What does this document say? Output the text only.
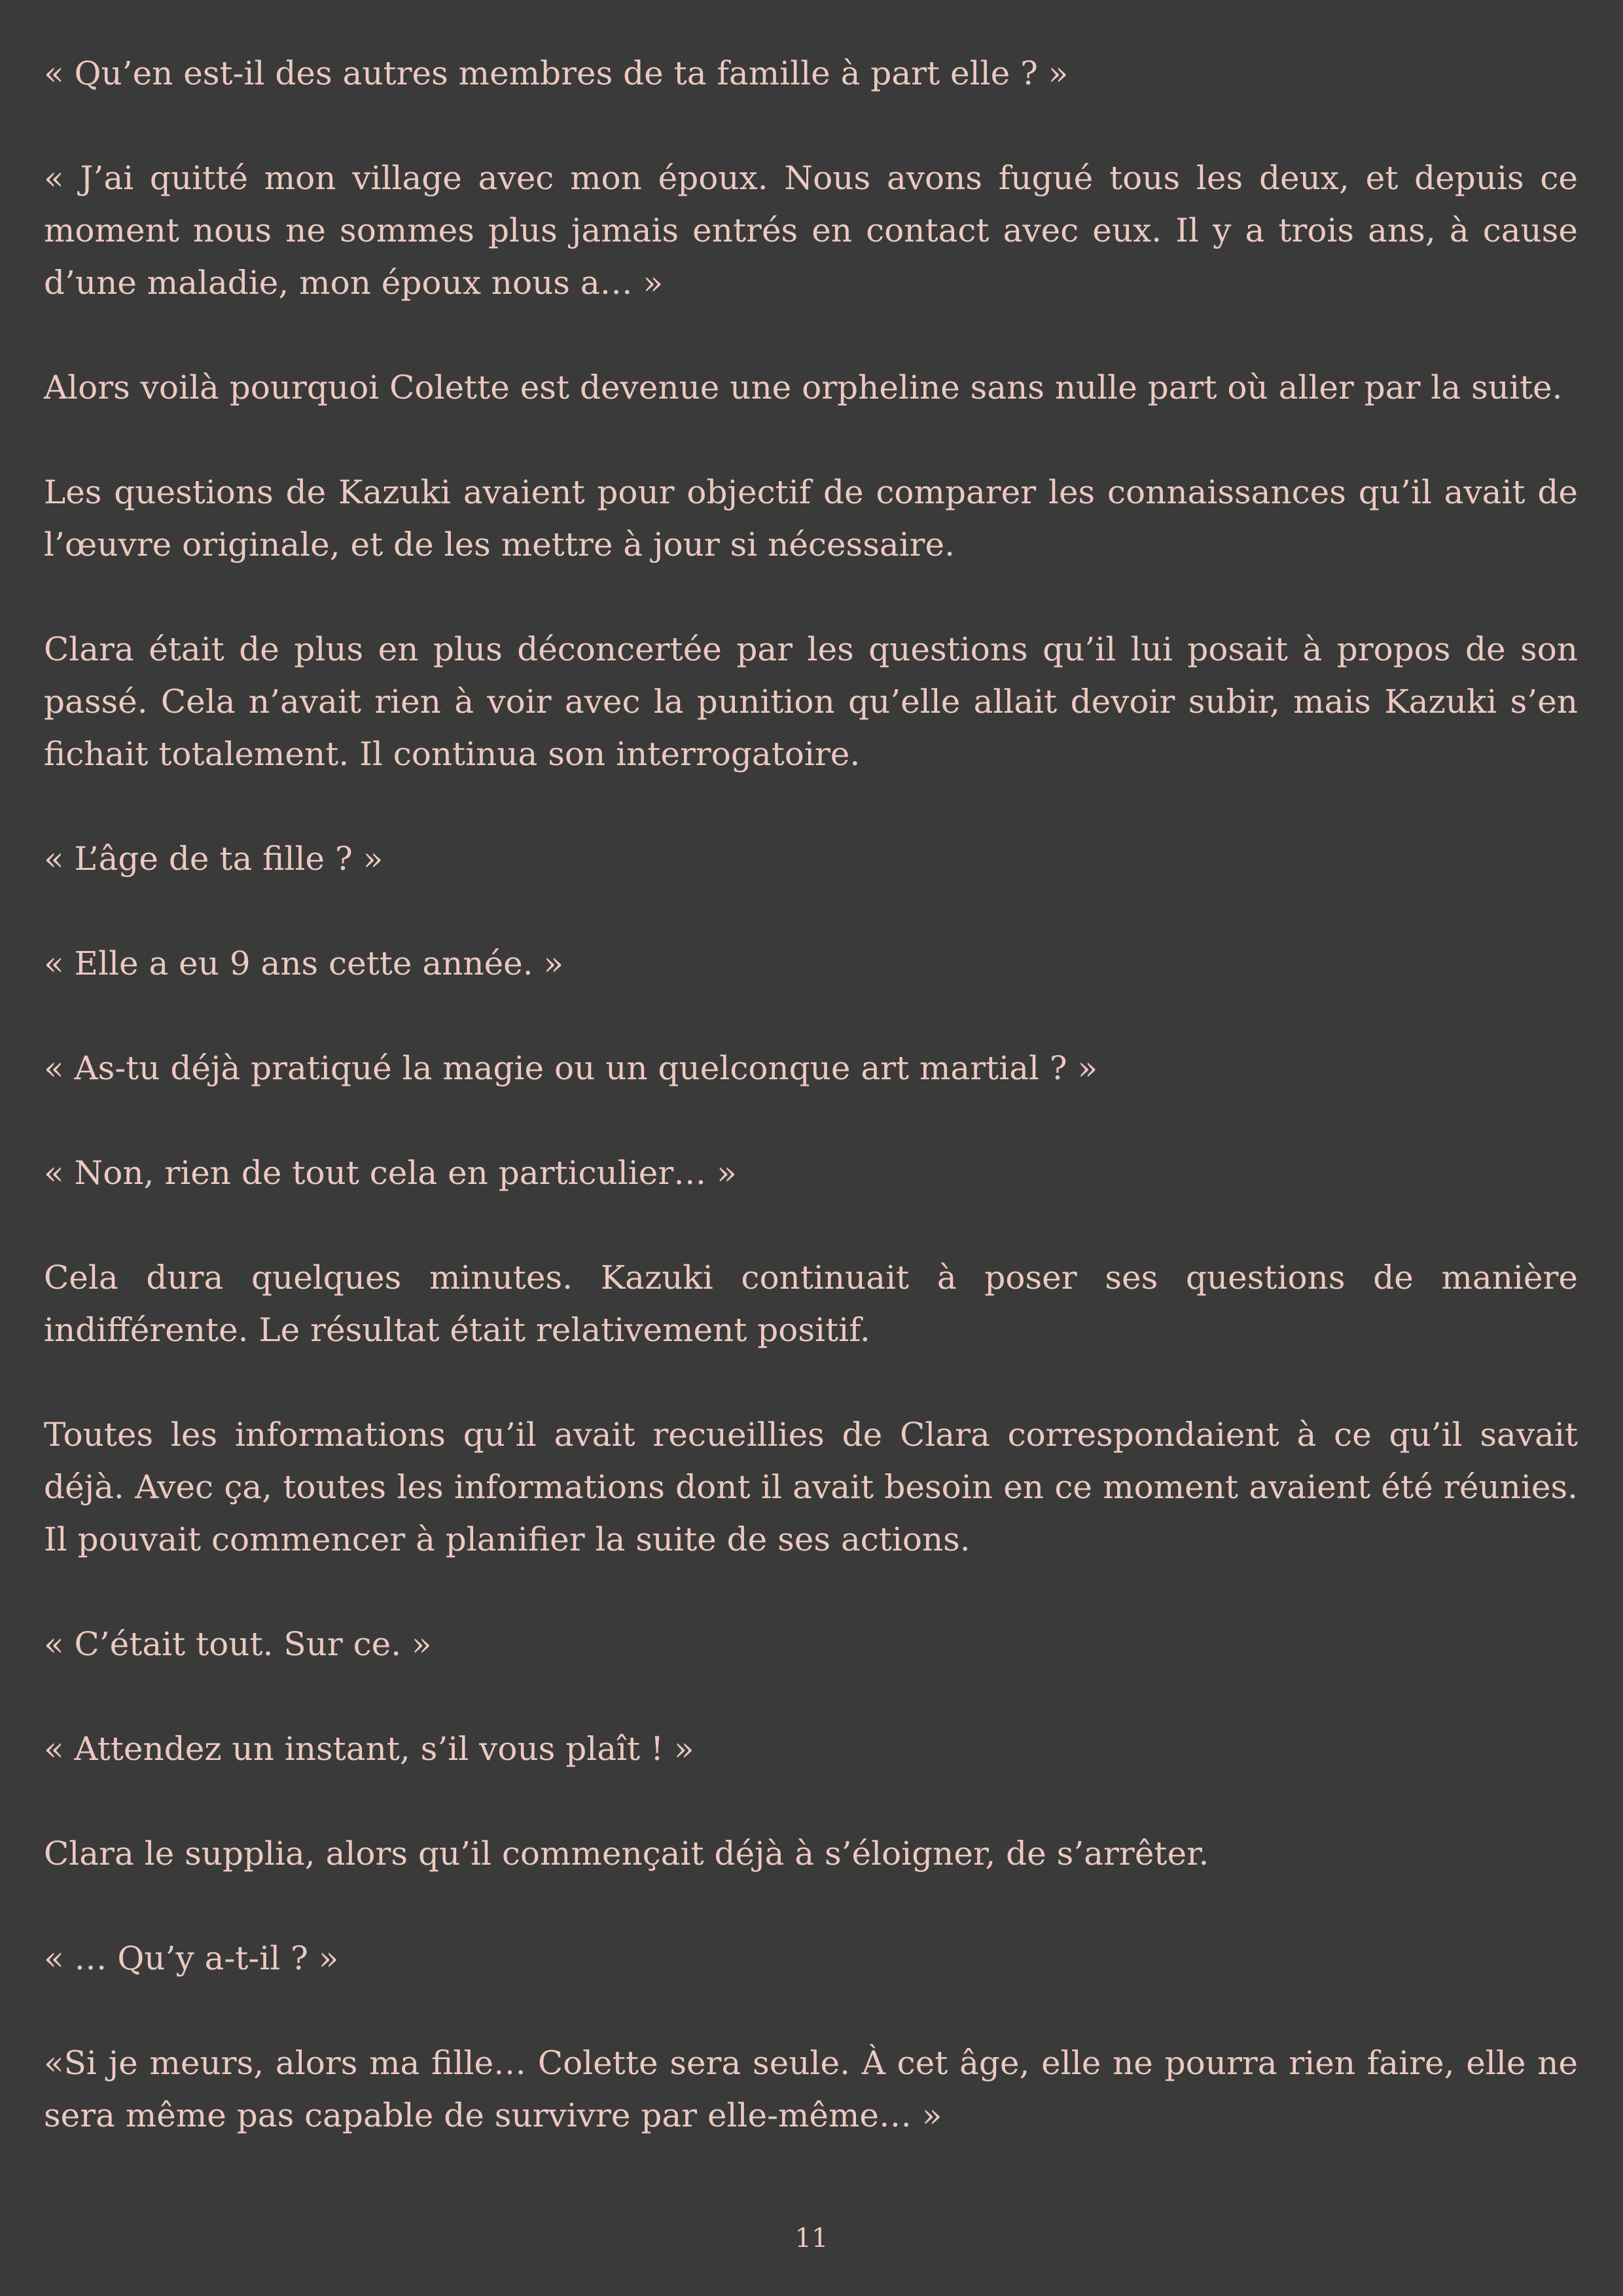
« Qu’en est-il des autres membres de ta famille à part elle ? »

« J’ai quitté mon village avec mon époux. Nous avons fugué tous les deux, et depuis ce moment nous ne sommes plus jamais entrés en contact avec eux. Il y a trois ans, à cause d’une maladie, mon époux nous a… »

Alors voilà pourquoi Colette est devenue une orpheline sans nulle part où aller par la suite.

Les questions de Kazuki avaient pour objectif de comparer les connaissances qu’il avait de l’œuvre originale, et de les mettre à jour si nécessaire.

Clara était de plus en plus déconcertée par les questions qu’il lui posait à propos de son passé. Cela n’avait rien à voir avec la punition qu’elle allait devoir subir, mais Kazuki s’en fichait totalement. Il continua son interrogatoire.

« L’âge de ta fille ? »

« Elle a eu 9 ans cette année. »

« As-tu déjà pratiqué la magie ou un quelconque art martial ? »

« Non, rien de tout cela en particulier… »

Cela dura quelques minutes. Kazuki continuait à poser ses questions de manière indifférente. Le résultat était relativement positif.

Toutes les informations qu’il avait recueillies de Clara correspondaient à ce qu’il savait déjà. Avec ça, toutes les informations dont il avait besoin en ce moment avaient été réunies. Il pouvait commencer à planifier la suite de ses actions.

« C’était tout. Sur ce. »

« Attendez un instant, s’il vous plaît ! »

Clara le supplia, alors qu’il commençait déjà à s’éloigner, de s’arrêter.

« … Qu’y a-t-il ? »

«Si je meurs, alors ma fille… Colette sera seule. À cet âge, elle ne pourra rien faire, elle ne sera même pas capable de survivre par elle-même… »

11
